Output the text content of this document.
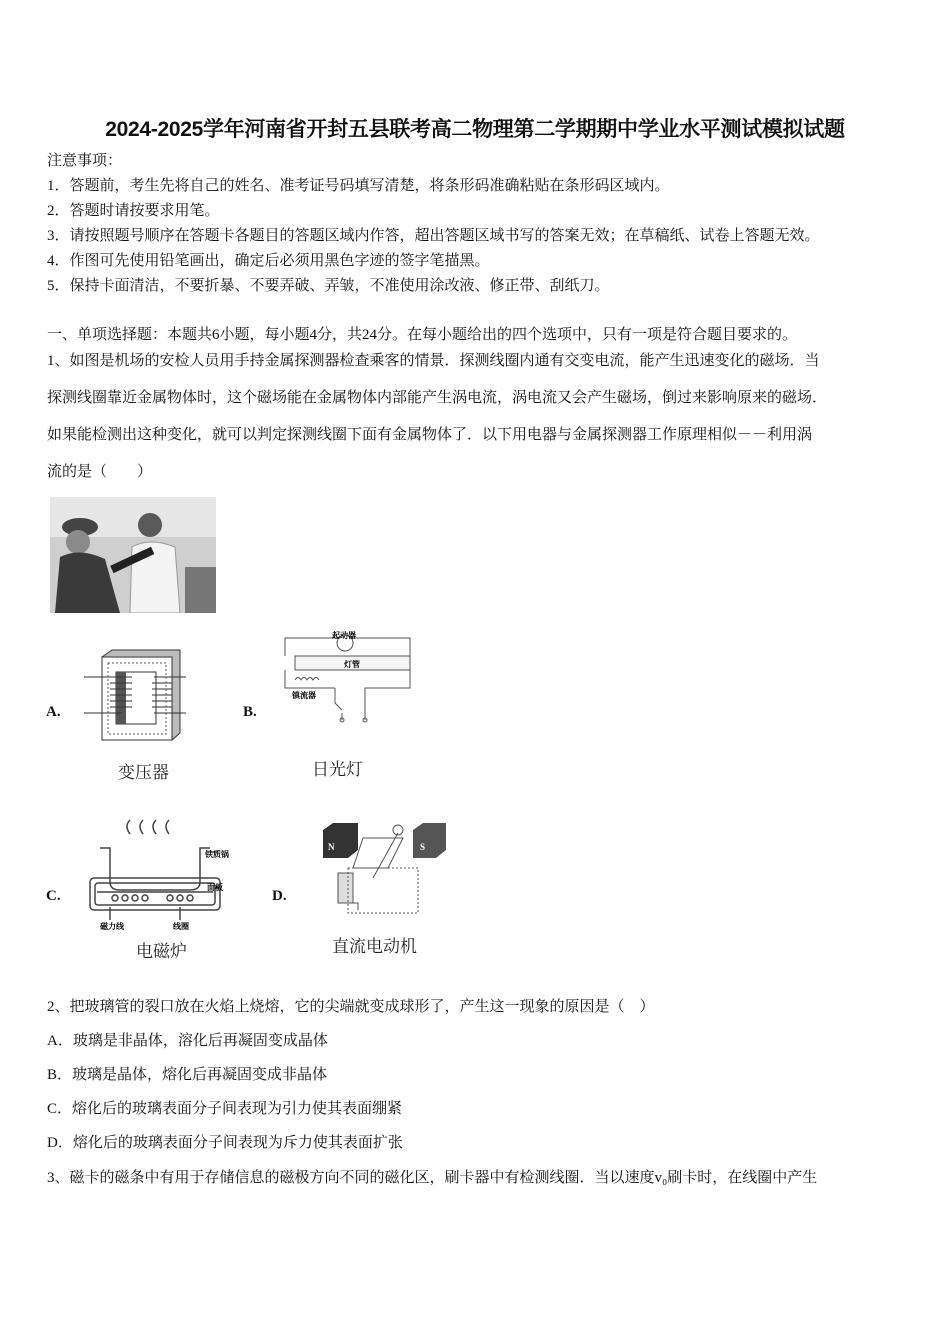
2024-2025学年河南省开封五县联考高二物理第二学期期中学业水平测试模拟试题
注意事项：
1．答题前，考生先将自己的姓名、准考证号码填写清楚，将条形码准确粘贴在条形码区域内。
2．答题时请按要求用笔。
3．请按照题号顺序在答题卡各题目的答题区域内作答，超出答题区域书写的答案无效；在草稿纸、试卷上答题无效。
4．作图可先使用铅笔画出，确定后必须用黑色字迹的签字笔描黑。
5．保持卡面清洁，不要折暴、不要弄破、弄皱，不准使用涂改液、修正带、刮纸刀。
一、单项选择题：本题共6小题，每小题4分，共24分。在每小题给出的四个选项中，只有一项是符合题目要求的。
1、如图是机场的安检人员用手持金属探测器检查乘客的情景．探测线圈内通有交变电流，能产生迅速变化的磁场．当
探测线圈靠近金属物体时，这个磁场能在金属物体内部能产生涡电流，涡电流又会产生磁场，倒过来影响原来的磁场．
如果能检测出这种变化，就可以判定探测线圈下面有金属物体了．以下用电器与金属探测器工作原理相似－－利用涡
流的是（　　）
A.
变压器
B.
起动器
灯管
镇流器
日光灯
C.
铁质锅
面板
磁力线	线圈
电磁炉
D.
N	S
直流电动机
2、把玻璃管的裂口放在火焰上烧熔，它的尖端就变成球形了，产生这一现象的原因是（　）
A．玻璃是非晶体，溶化后再凝固变成晶体
B．玻璃是晶体，熔化后再凝固变成非晶体
C．熔化后的玻璃表面分子间表现为引力使其表面绷紧
D．熔化后的玻璃表面分子间表现为斥力使其表面扩张
3、磁卡的磁条中有用于存储信息的磁极方向不同的磁化区，刷卡器中有检测线圈．当以速度v₀刷卡时，在线圈中产生
